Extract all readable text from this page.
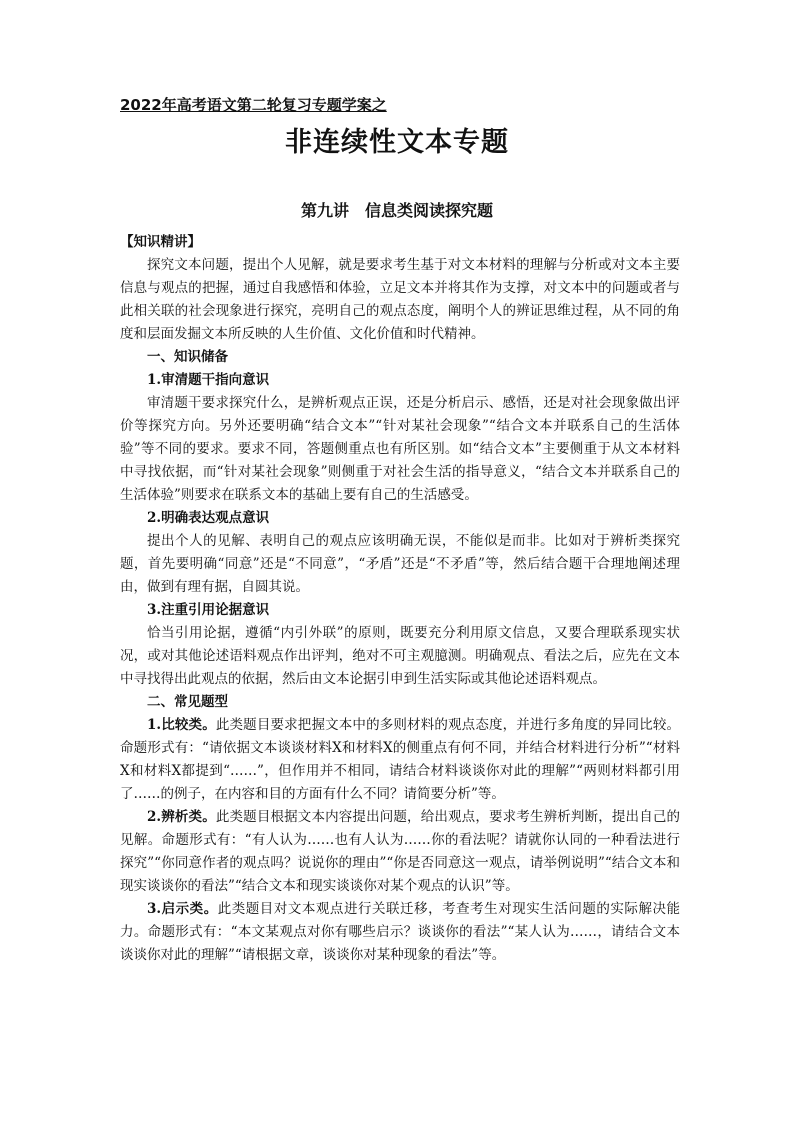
2022年高考语文第二轮复习专题学案之
非连续性文本专题
第九讲　信息类阅读探究题

【知识精讲】

探究文本问题，提出个人见解，就是要求考生基于对文本材料的理解与分析或对文本主要信息与观点的把握，通过自我感悟和体验，立足文本并将其作为支撑，对文本中的问题或者与此相关联的社会现象进行探究，亮明自己的观点态度，阐明个人的辨证思维过程，从不同的角度和层面发掘文本所反映的人生价值、文化价值和时代精神。

一、知识储备

1.审清题干指向意识

审清题干要求探究什么，是辨析观点正误，还是分析启示、感悟，还是对社会现象做出评价等探究方向。另外还要明确“结合文本”“针对某社会现象”“结合文本并联系自己的生活体验”等不同的要求。要求不同，答题侧重点也有所区别。如“结合文本”主要侧重于从文本材料中寻找依据，而“针对某社会现象”则侧重于对社会生活的指导意义，“结合文本并联系自己的生活体验”则要求在联系文本的基础上要有自己的生活感受。

2.明确表达观点意识

提出个人的见解、表明自己的观点应该明确无误，不能似是而非。比如对于辨析类探究题，首先要明确“同意”还是“不同意”，“矛盾”还是“不矛盾”等，然后结合题干合理地阐述理由，做到有理有据，自圆其说。

3.注重引用论据意识

恰当引用论据，遵循“内引外联”的原则，既要充分利用原文信息，又要合理联系现实状况，或对其他论述语料观点作出评判，绝对不可主观臆测。明确观点、看法之后，应先在文本中寻找得出此观点的依据，然后由文本论据引申到生活实际或其他论述语料观点。

二、常见题型

1.比较类。此类题目要求把握文本中的多则材料的观点态度，并进行多角度的异同比较。命题形式有：“请依据文本谈谈材料X和材料X的侧重点有何不同，并结合材料进行分析”“材料X和材料X都提到“……”，但作用并不相同，请结合材料谈谈你对此的理解”“两则材料都引用了……的例子，在内容和目的方面有什么不同？请简要分析”等。

2.辨析类。此类题目根据文本内容提出问题，给出观点，要求考生辨析判断，提出自己的见解。命题形式有：“有人认为……也有人认为……你的看法呢？请就你认同的一种看法进行探究”“你同意作者的观点吗？说说你的理由”“你是否同意这一观点，请举例说明”“结合文本和现实谈谈你的看法”“结合文本和现实谈谈你对某个观点的认识”等。

3.启示类。此类题目对文本观点进行关联迁移，考查考生对现实生活问题的实际解决能力。命题形式有：“本文某观点对你有哪些启示？谈谈你的看法”“某人认为……，请结合文本谈谈你对此的理解”“请根据文章，谈谈你对某种现象的看法”等。
